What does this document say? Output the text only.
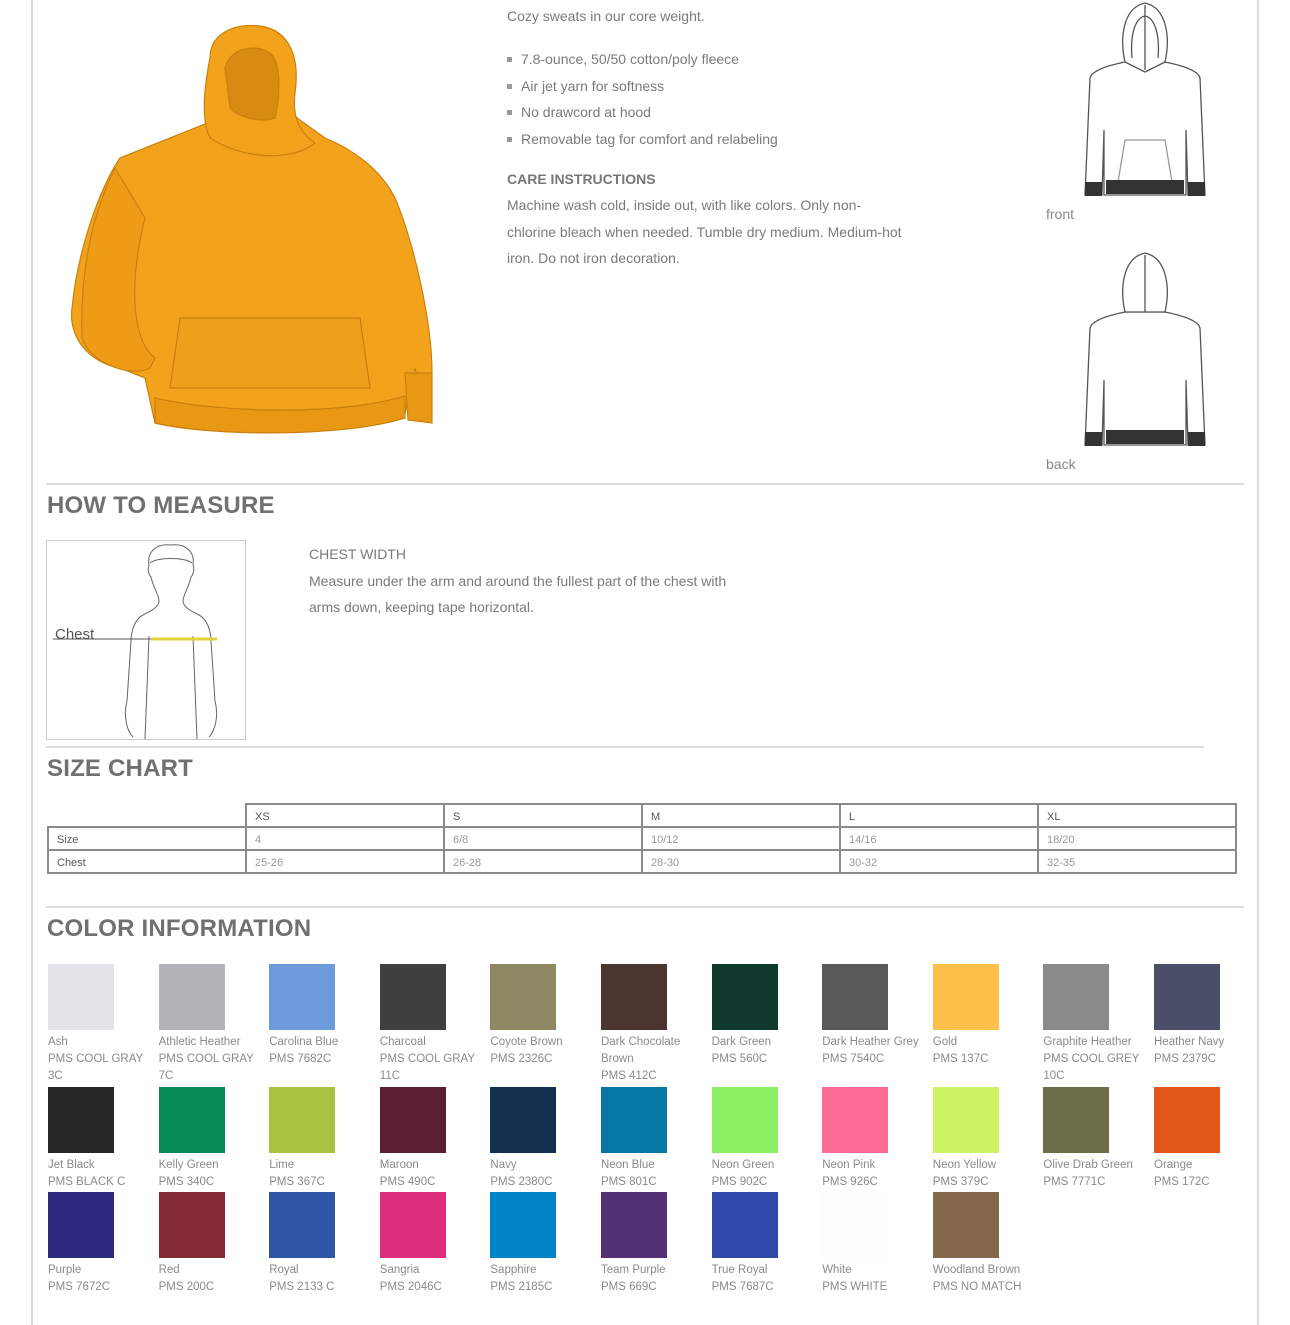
Cozy sweats in our core weight.
7.8-ounce, 50/50 cotton/poly fleece
Air jet yarn for softness
No drawcord at hood
Removable tag for comfort and relabeling
CARE INSTRUCTIONS
Machine wash cold, inside out, with like colors. Only non-chlorine bleach when needed. Tumble dry medium. Medium-hot iron. Do not iron decoration.
front
back
HOW TO MEASURE
Chest
CHEST WIDTH
Measure under the arm and around the fullest part of the chest with arms down, keeping tape horizontal.
SIZE CHART
	XS	S	M	L	XL
Size	4	6/8	10/12	14/16	18/20
Chest	25-26	26-28	28-30	30-32	32-35
COLOR INFORMATION
Ash
PMS COOL GRAY 3C
Athletic Heather
PMS COOL GRAY 7C
Carolina Blue
PMS 7682C
Charcoal
PMS COOL GRAY 11C
Coyote Brown
PMS 2326C
Dark Chocolate Brown
PMS 412C
Dark Green
PMS 560C
Dark Heather Grey
PMS 7540C
Gold
PMS 137C
Graphite Heather
PMS COOL GREY 10C
Heather Navy
PMS 2379C
Jet Black
PMS BLACK C
Kelly Green
PMS 340C
Lime
PMS 367C
Maroon
PMS 490C
Navy
PMS 2380C
Neon Blue
PMS 801C
Neon Green
PMS 902C
Neon Pink
PMS 926C
Neon Yellow
PMS 379C
Olive Drab Green
PMS 7771C
Orange
PMS 172C
Purple
PMS 7672C
Red
PMS 200C
Royal
PMS 2133 C
Sangria
PMS 2046C
Sapphire
PMS 2185C
Team Purple
PMS 669C
True Royal
PMS 7687C
White
PMS WHITE
Woodland Brown
PMS NO MATCH
